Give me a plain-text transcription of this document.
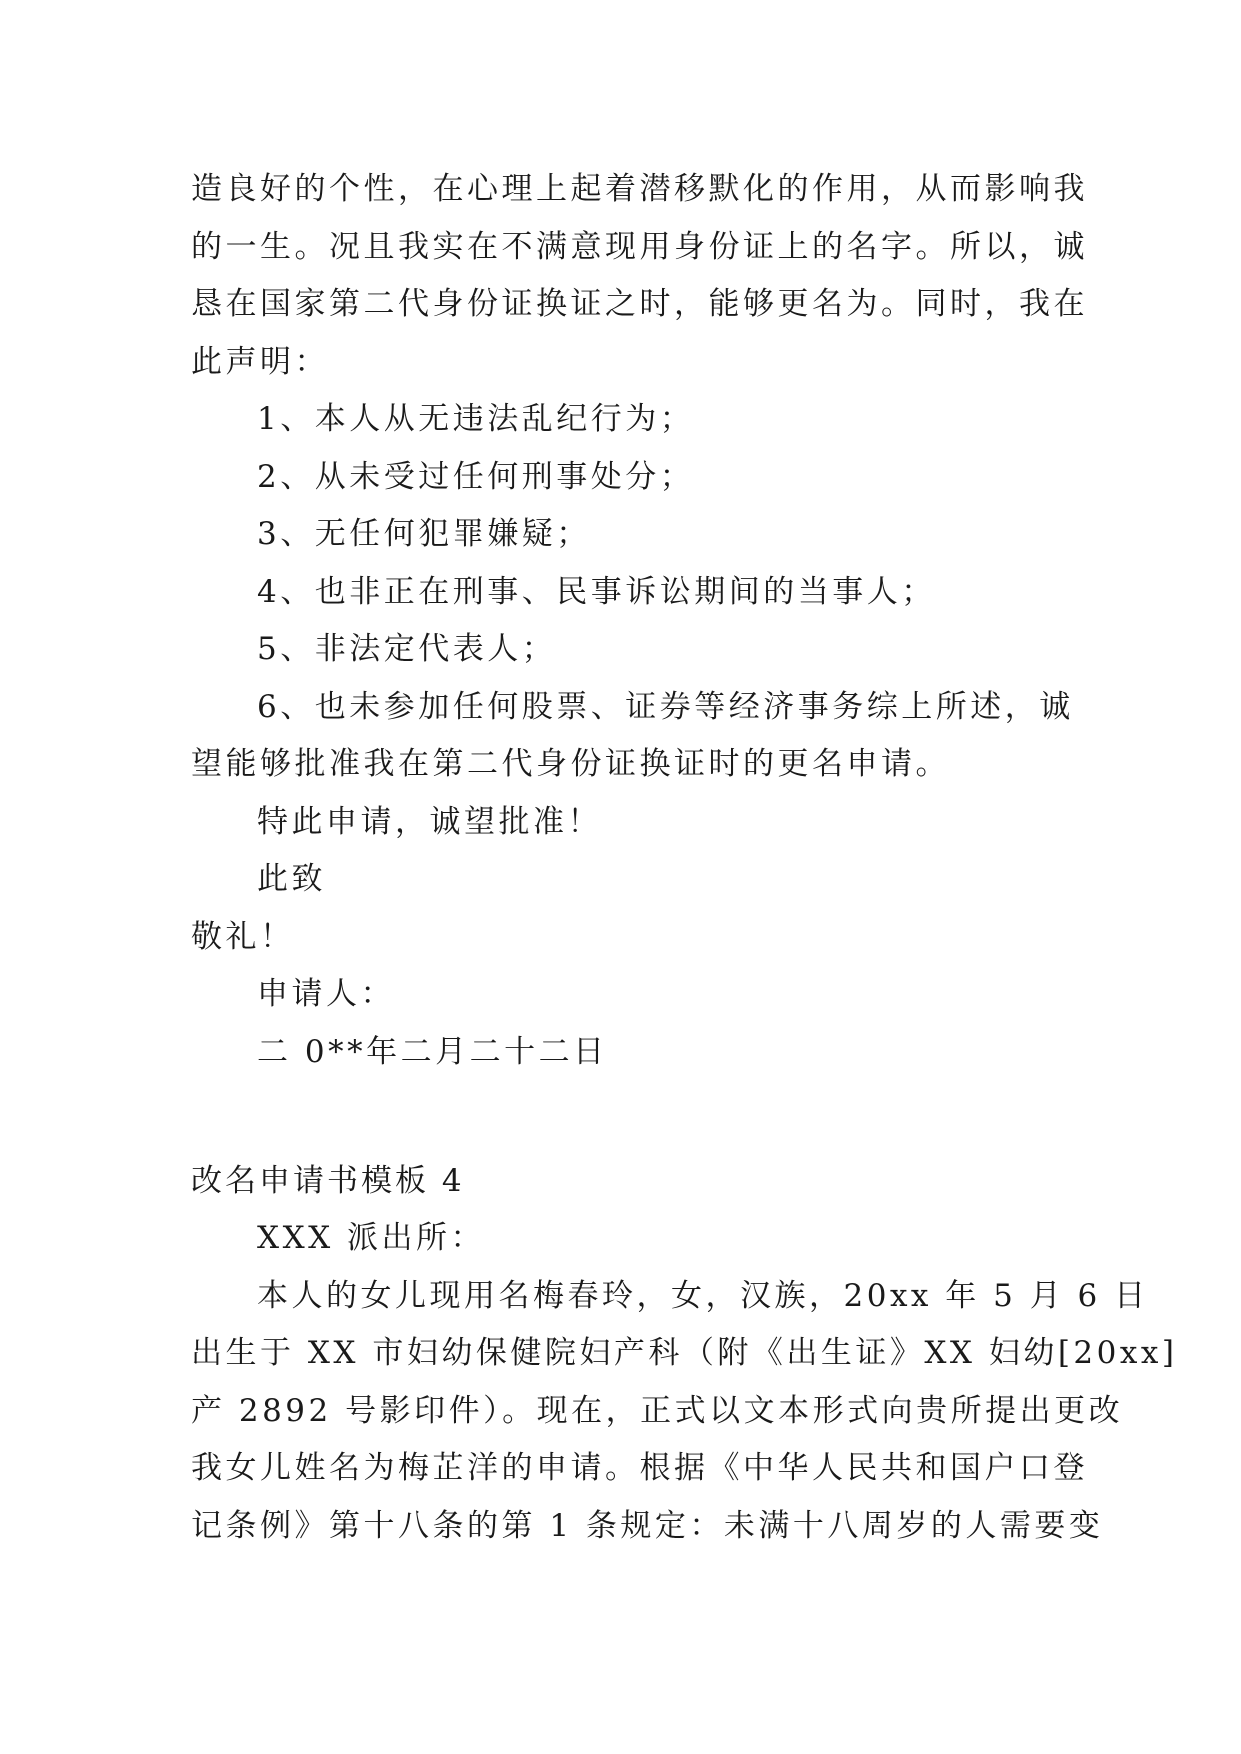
造良好的个性，在心理上起着潜移默化的作用，从而影响我
的一生。况且我实在不满意现用身份证上的名字。所以，诚
恳在国家第二代身份证换证之时，能够更名为。同时，我在
此声明：
1、本人从无违法乱纪行为；
2、从未受过任何刑事处分；
3、无任何犯罪嫌疑；
4、也非正在刑事、民事诉讼期间的当事人；
5、非法定代表人；
6、也未参加任何股票、证券等经济事务综上所述，诚
望能够批准我在第二代身份证换证时的更名申请。
特此申请，诚望批准！
此致
敬礼！
申请人：
二 0**年二月二十二日
改名申请书模板 4
XXX 派出所：
本人的女儿现用名梅春玲，女，汉族，20xx 年 5 月 6 日
出生于 XX 市妇幼保健院妇产科（附《出生证》XX 妇幼[20xx]
产 2892 号影印件）。现在，正式以文本形式向贵所提出更改
我女儿姓名为梅芷洋的申请。根据《中华人民共和国户口登
记条例》第十八条的第 1 条规定：未满十八周岁的人需要变
